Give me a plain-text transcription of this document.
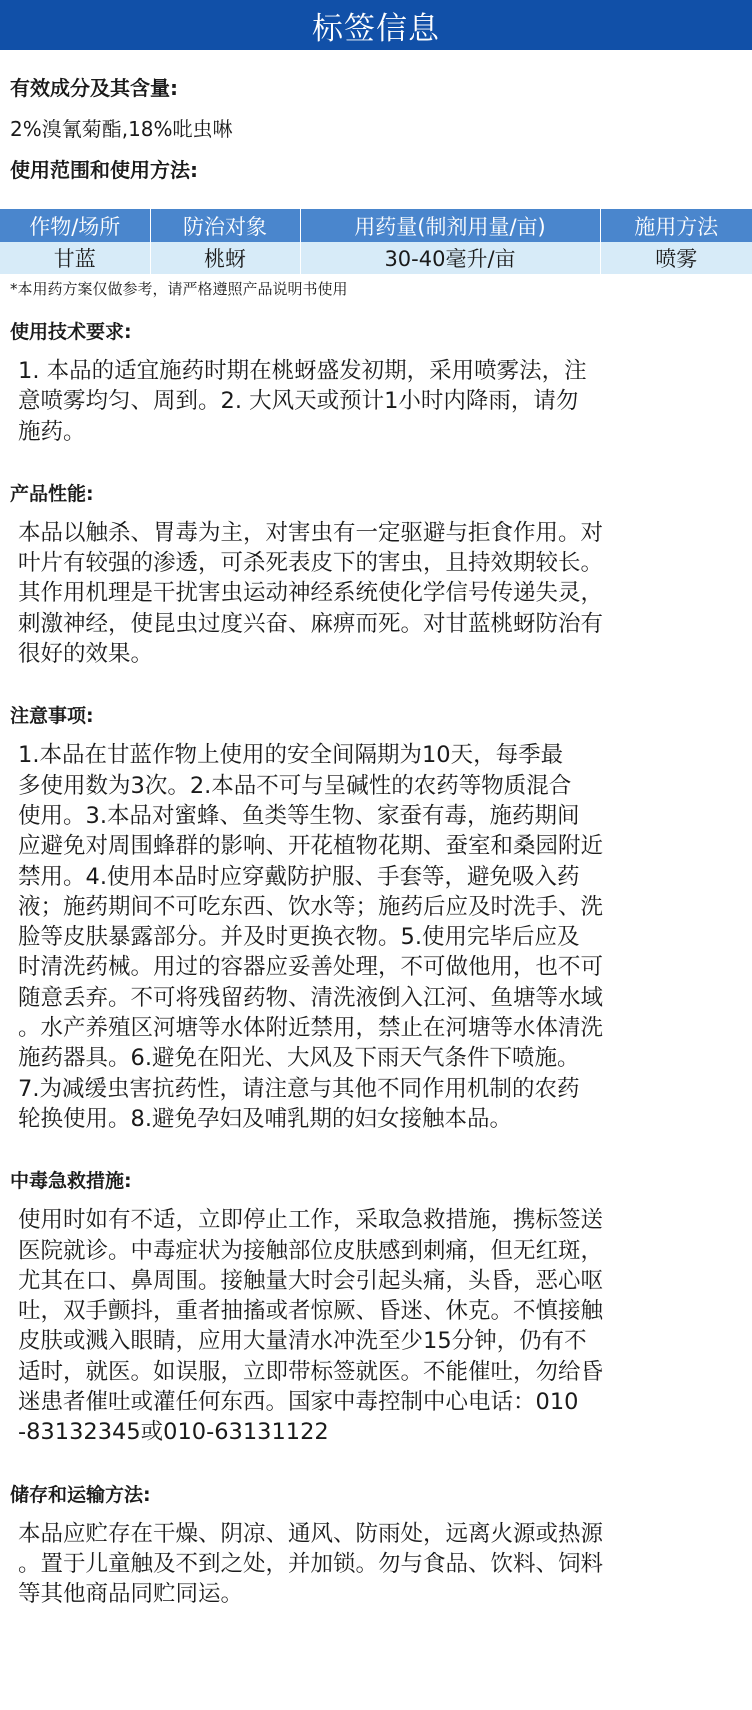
标签信息
有效成分及其含量:
2%溴氰菊酯,18%吡虫啉
使用范围和使用方法:
作物/场所	防治对象	用药量(制剂用量/亩)	施用方法
甘蓝	桃蚜	30-40毫升/亩	喷雾
*本用药方案仅做参考，请严格遵照产品说明书使用
使用技术要求:
1. 本品的适宜施药时期在桃蚜盛发初期，采用喷雾法，注
意喷雾均匀、周到。2. 大风天或预计1小时内降雨，请勿
施药。
产品性能:
本品以触杀、胃毒为主，对害虫有一定驱避与拒食作用。对
叶片有较强的渗透，可杀死表皮下的害虫，且持效期较长。
其作用机理是干扰害虫运动神经系统使化学信号传递失灵，
刺激神经，使昆虫过度兴奋、麻痹而死。对甘蓝桃蚜防治有
很好的效果。
注意事项:
1.本品在甘蓝作物上使用的安全间隔期为10天，每季最
多使用数为3次。2.本品不可与呈碱性的农药等物质混合
使用。3.本品对蜜蜂、鱼类等生物、家蚕有毒，施药期间
应避免对周围蜂群的影响、开花植物花期、蚕室和桑园附近
禁用。4.使用本品时应穿戴防护服、手套等，避免吸入药
液；施药期间不可吃东西、饮水等；施药后应及时洗手、洗
脸等皮肤暴露部分。并及时更换衣物。5.使用完毕后应及
时清洗药械。用过的容器应妥善处理，不可做他用，也不可
随意丢弃。不可将残留药物、清洗液倒入江河、鱼塘等水域
。水产养殖区河塘等水体附近禁用，禁止在河塘等水体清洗
施药器具。6.避免在阳光、大风及下雨天气条件下喷施。
7.为减缓虫害抗药性，请注意与其他不同作用机制的农药
轮换使用。8.避免孕妇及哺乳期的妇女接触本品。
中毒急救措施:
使用时如有不适，立即停止工作，采取急救措施，携标签送
医院就诊。中毒症状为接触部位皮肤感到刺痛，但无红斑，
尤其在口、鼻周围。接触量大时会引起头痛，头昏，恶心呕
吐，双手颤抖，重者抽搐或者惊厥、昏迷、休克。不慎接触
皮肤或溅入眼睛，应用大量清水冲洗至少15分钟，仍有不
适时，就医。如误服，立即带标签就医。不能催吐，勿给昏
迷患者催吐或灌任何东西。国家中毒控制中心电话：010
-83132345或010-63131122
储存和运输方法:
本品应贮存在干燥、阴凉、通风、防雨处，远离火源或热源
。置于儿童触及不到之处，并加锁。勿与食品、饮料、饲料
等其他商品同贮同运。
